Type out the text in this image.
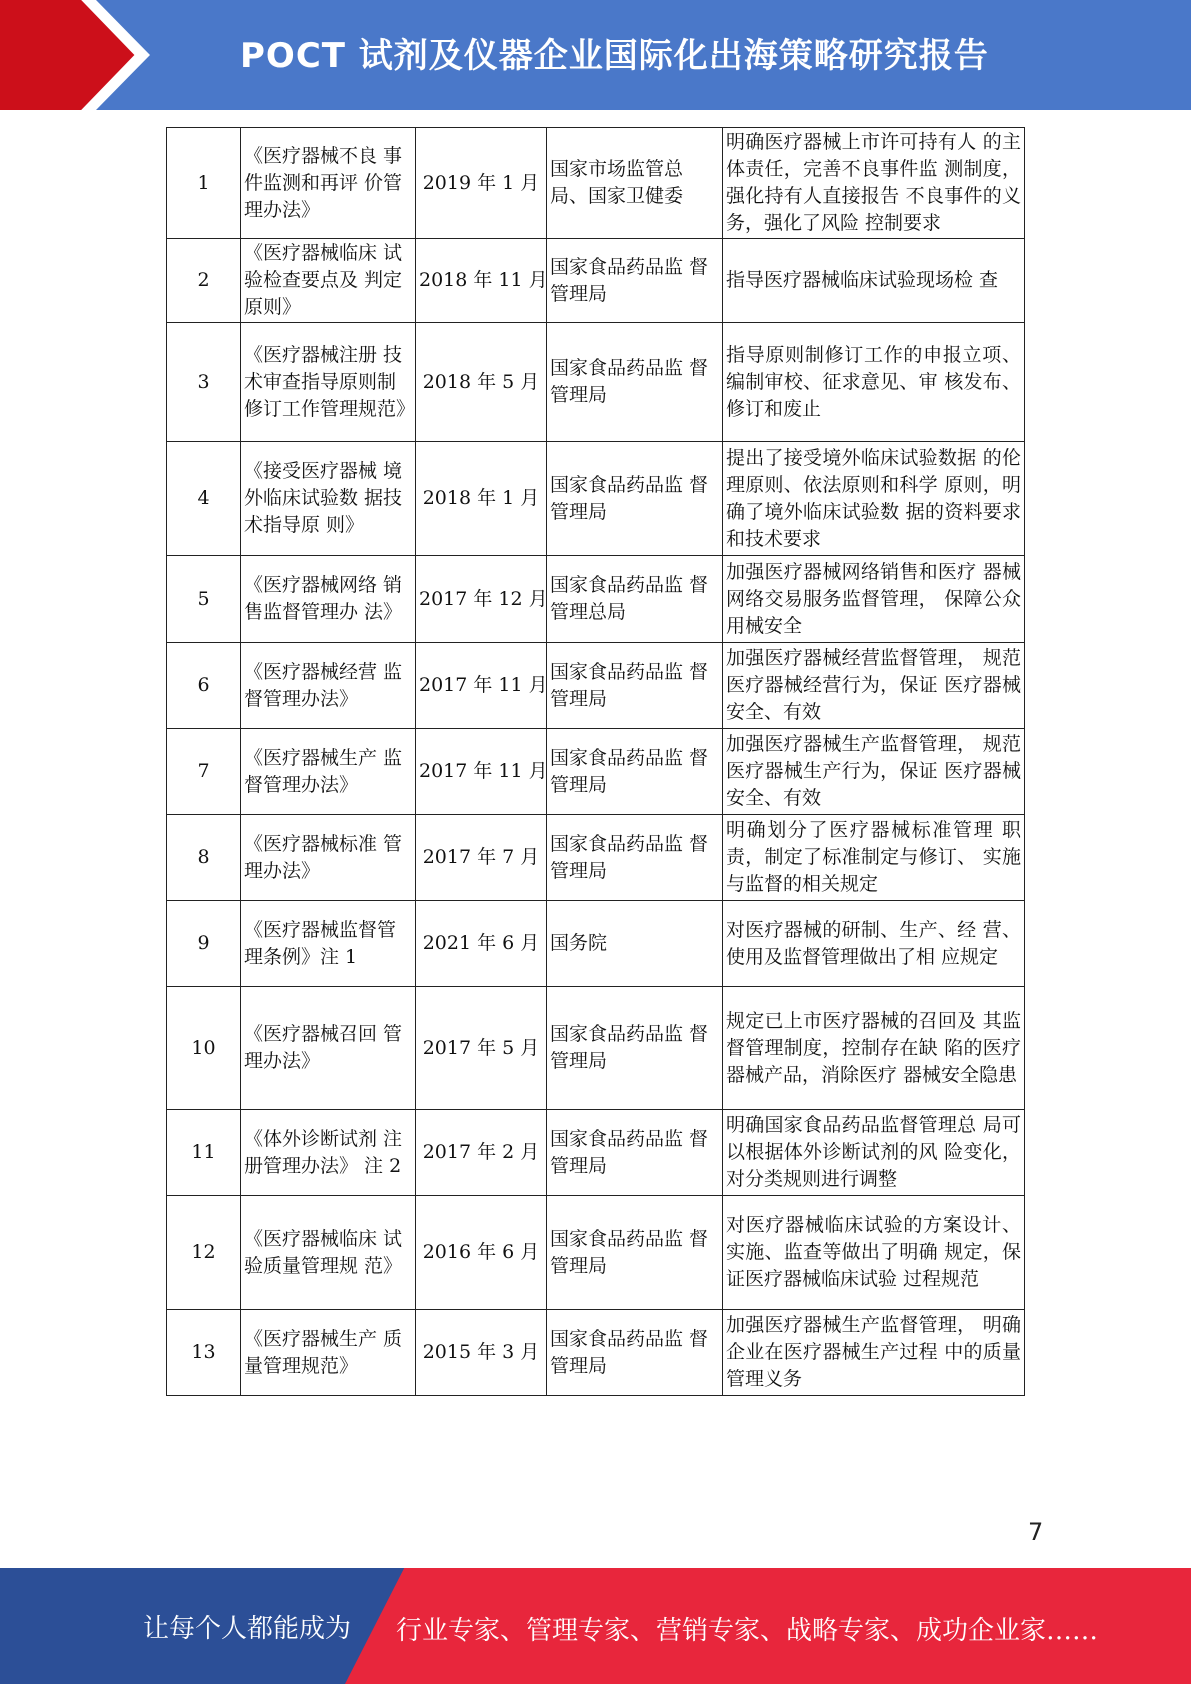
POCT 试剂及仪器企业国际化出海策略研究报告
1	《医疗器械不良 事件监测和再评 价管理办法》	2019 年 1 月	国家市场监管总局、国家卫健委	明确医疗器械上市许可持有人 的主体责任，完善不良事件监 测制度，强化持有人直接报告 不良事件的义务，强化了风险 控制要求
2	《医疗器械临床 试验检查要点及 判定原则》	2018 年 11 月	国家食品药品监 督管理局	指导医疗器械临床试验现场检 查
3	《医疗器械注册 技术审查指导原则制修订工作管理规范》	2018 年 5 月	国家食品药品监 督管理局	指导原则制修订工作的申报立项、编制审校、征求意见、审 核发布、修订和废止
4	《接受医疗器械 境外临床试验数 据技术指导原 则》	2018 年 1 月	国家食品药品监 督管理局	提出了接受境外临床试验数据 的伦理原则、依法原则和科学 原则，明确了境外临床试验数 据的资料要求和技术要求
5	《医疗器械网络 销售监督管理办 法》	2017 年 12 月	国家食品药品监 督管理总局	加强医疗器械网络销售和医疗 器械网络交易服务监督管理， 保障公众用械安全
6	《医疗器械经营 监督管理办法》	2017 年 11 月	国家食品药品监 督管理局	加强医疗器械经营监督管理， 规范医疗器械经营行为，保证 医疗器械安全、有效
7	《医疗器械生产 监督管理办法》	2017 年 11 月	国家食品药品监 督管理局	加强医疗器械生产监督管理， 规范医疗器械生产行为，保证 医疗器械安全、有效
8	《医疗器械标准 管理办法》	2017 年 7 月	国家食品药品监 督管理局	明确划分了医疗器械标准管理 职责，制定了标准制定与修订、 实施与监督的相关规定
9	《医疗器械监督管理条例》注 1	2021 年 6 月	国务院	对医疗器械的研制、生产、经 营、使用及监督管理做出了相 应规定
10	《医疗器械召回 管理办法》	2017 年 5 月	国家食品药品监 督管理局	规定已上市医疗器械的召回及 其监督管理制度，控制存在缺 陷的医疗器械产品，消除医疗 器械安全隐患
11	《体外诊断试剂 注册管理办法》 注 2	2017 年 2 月	国家食品药品监 督管理局	明确国家食品药品监督管理总 局可以根据体外诊断试剂的风 险变化，对分类规则进行调整
12	《医疗器械临床 试验质量管理规 范》	2016 年 6 月	国家食品药品监 督管理局	对医疗器械临床试验的方案设计、实施、监查等做出了明确 规定，保证医疗器械临床试验 过程规范
13	《医疗器械生产 质量管理规范》	2015 年 3 月	国家食品药品监 督管理局	加强医疗器械生产监督管理， 明确企业在医疗器械生产过程 中的质量管理义务
7
让每个人都能成为 行业专家、管理专家、营销专家、战略专家、成功企业家……
